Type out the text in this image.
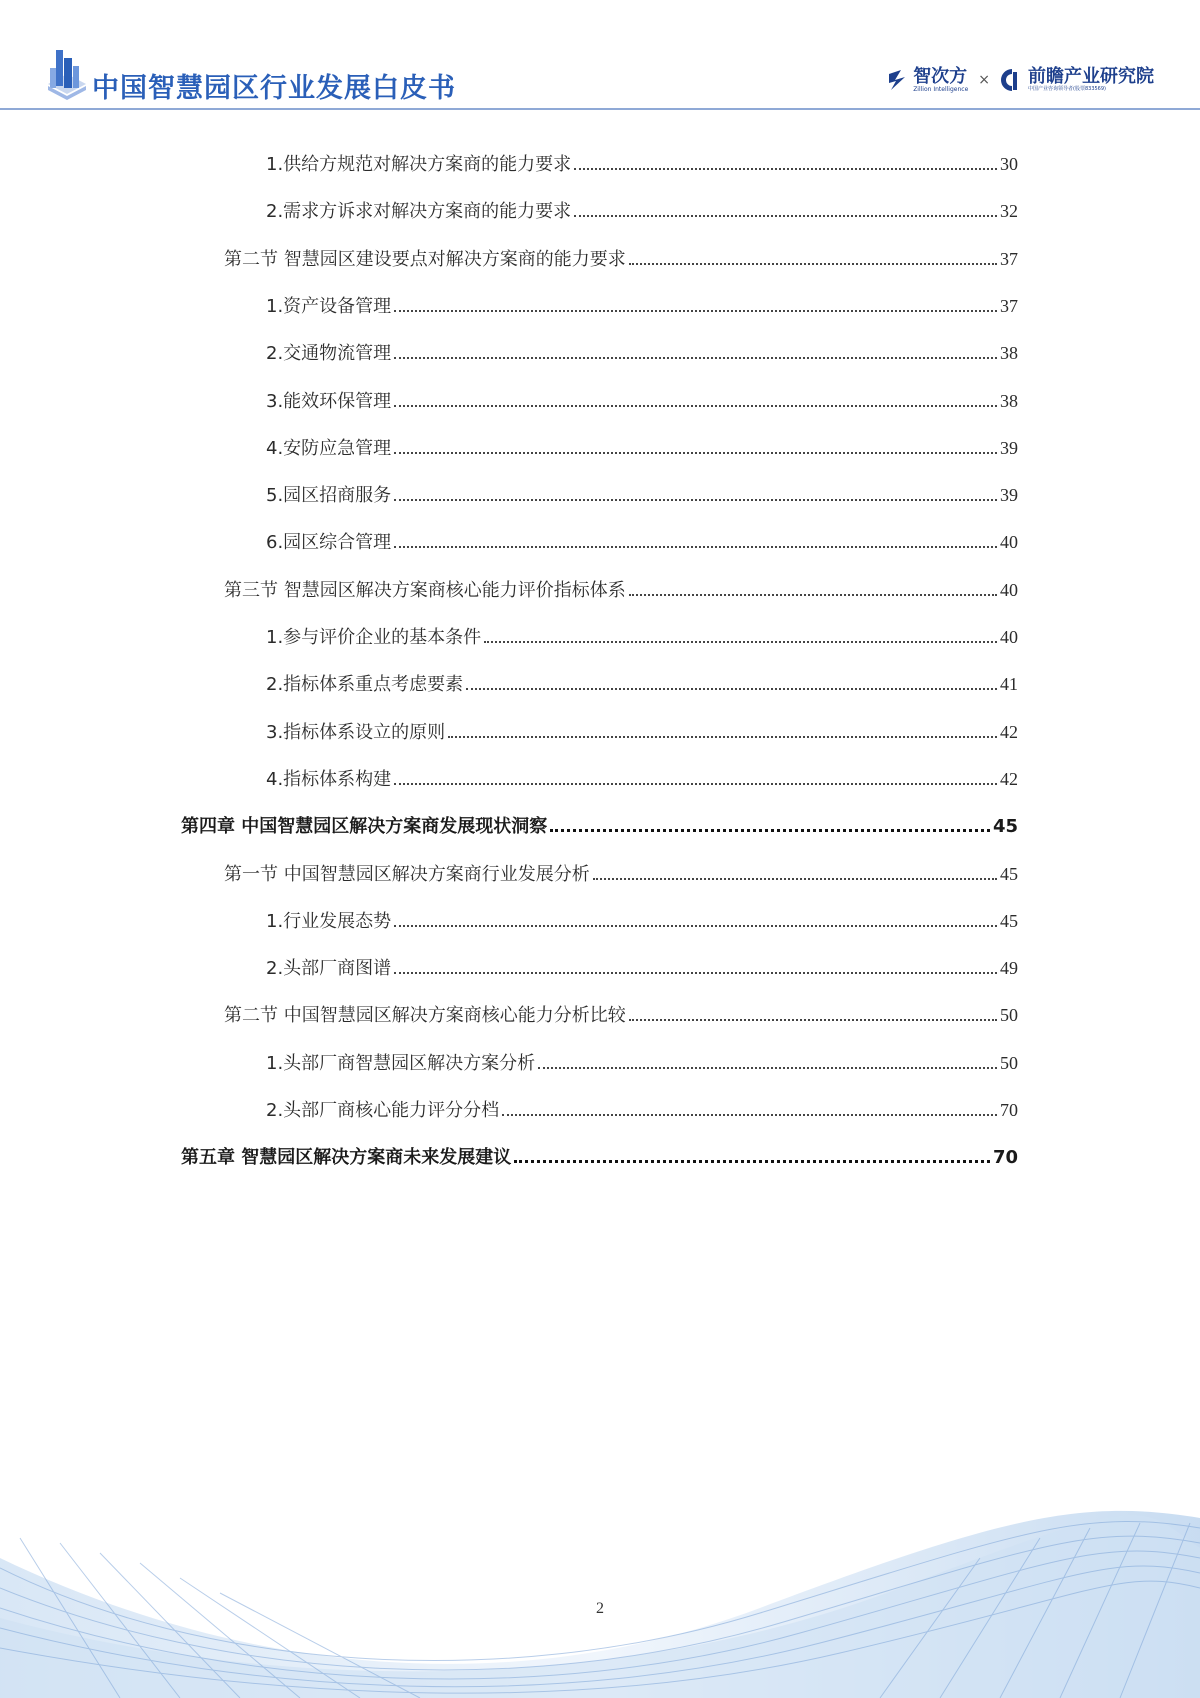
中国智慧园区行业发展白皮书	智次方
Zillion Intelligence
× 前瞻产业研究院
中国产业咨询领导者(股票833569)
1.供给方规范对解决方案商的能力要求	30
2.需求方诉求对解决方案商的能力要求	32
第二节 智慧园区建设要点对解决方案商的能力要求	37
1.资产设备管理	37
2.交通物流管理	38
3.能效环保管理	38
4.安防应急管理	39
5.园区招商服务	39
6.园区综合管理	40
第三节 智慧园区解决方案商核心能力评价指标体系	40
1.参与评价企业的基本条件	40
2.指标体系重点考虑要素	41
3.指标体系设立的原则	42
4.指标体系构建	42
第四章 中国智慧园区解决方案商发展现状洞察	45
第一节 中国智慧园区解决方案商行业发展分析	45
1.行业发展态势	45
2.头部厂商图谱	49
第二节 中国智慧园区解决方案商核心能力分析比较	50
1.头部厂商智慧园区解决方案分析	50
2.头部厂商核心能力评分分档	70
第五章 智慧园区解决方案商未来发展建议	70
2
